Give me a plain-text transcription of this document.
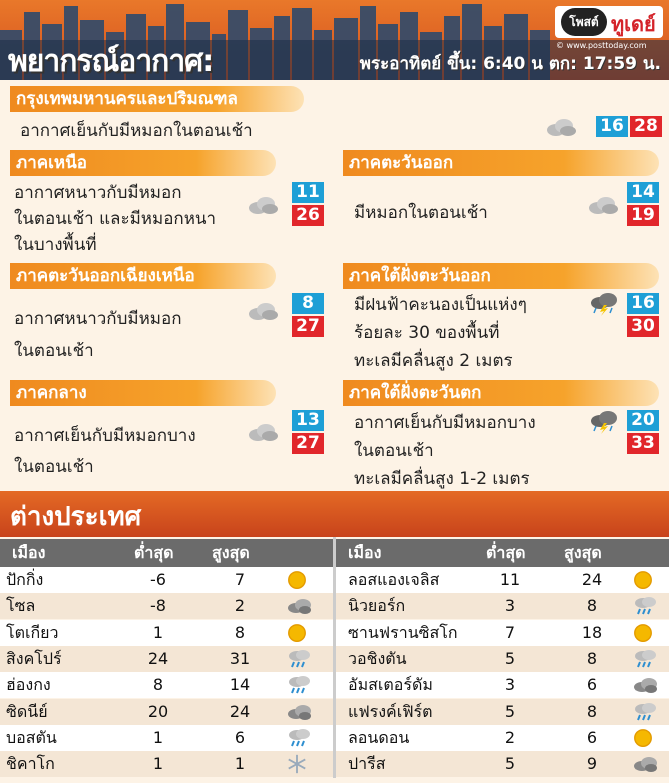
โพสต์ ทูเดย์
© www.posttoday.com
พยากรณ์อากาศ:	พระอาทิตย์ ขึ้น: 6:40 น ตก: 17:59 น.
กรุงเทพมหานครและปริมณฑล
อากาศเย็นกับมีหมอกในตอนเช้า	16 28
ภาคเหนือ
อากาศหนาวกับมีหมอก
ในตอนเช้า และมีหมอกหนา
ในบางพื้นที่
11
26
ภาคตะวันออก
มีหมอกในตอนเช้า
14
19
ภาคตะวันออกเฉียงเหนือ
อากาศหนาวกับมีหมอก
ในตอนเช้า
8
27
ภาคใต้ฝั่งตะวันออก
มีฝนฟ้าคะนองเป็นแห่งๆ
ร้อยละ 30 ของพื้นที่
ทะเลมีคลื่นสูง 2 เมตร
16
30
ภาคกลาง
อากาศเย็นกับมีหมอกบาง
ในตอนเช้า
13
27
ภาคใต้ฝั่งตะวันตก
อากาศเย็นกับมีหมอกบาง
ในตอนเช้า
ทะเลมีคลื่นสูง 1-2 เมตร
20
33
ต่างประเทศ
เมือง	ต่ำสุด สูงสุด	เมือง	ต่ำสุด สูงสุด
ปักกิ่ง	-6	7
โซล	-8	2
โตเกียว	1	8
สิงคโปร์	24	31
ฮ่องกง	8	14
ซิดนีย์	20	24
บอสตัน	1	6
ชิคาโก	1	1
ลอสแองเจลิส	11	24
นิวยอร์ก	3	8
ซานฟรานซิสโก	7	18
วอชิงตัน	5	8
อัมสเตอร์ดัม	3	6
แฟรงค์เฟิร์ต	5	8
ลอนดอน	2	6
ปารีส	5	9
